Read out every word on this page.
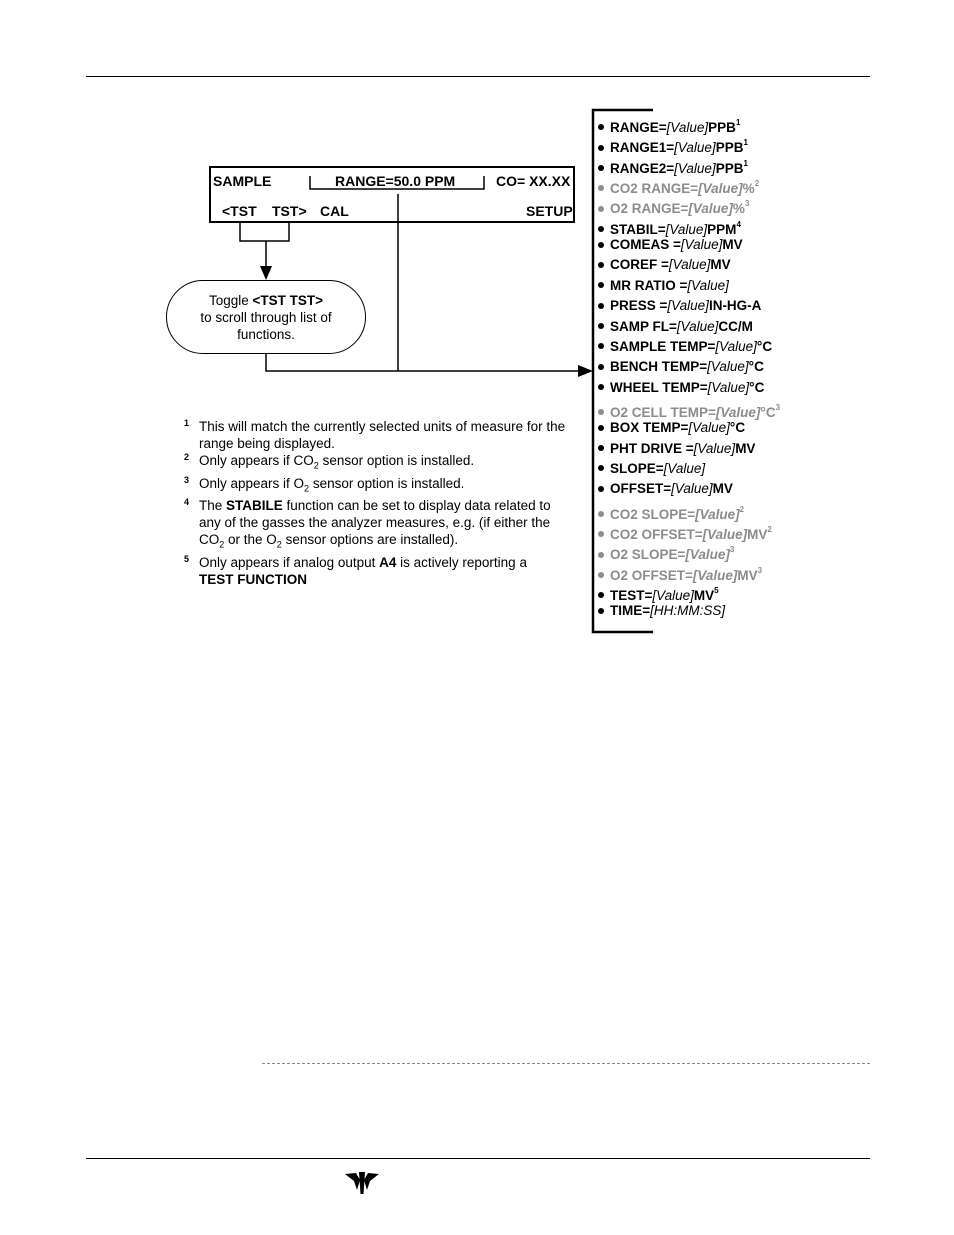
SAMPLE	RANGE=50.0 PPM	CO= XX.XX
<TST TST> CAL	SETUP
Toggle <TST TST>
to scroll through list of functions.
$RANGE=[Value]PPB^1$
$RANGE1=[Value]PPB^1$
$RANGE2=[Value]PPB^1$
CO2 RANGE=[Value]%$^2$
O2 RANGE=[Value]%$^3$
$STABIL=[Value]PPM^4$
COMEAS =[Value]MV
COREF =[Value]MV
MR RATIO =[Value]
PRESS =[Value]IN-HG-A
SAMP FL=[Value]CC/M
SAMPLE TEMP=[Value]°C
BENCH TEMP=[Value]°C
WHEEL TEMP=[Value]°C
O2 CELL $TEMP=[Value]^\circ C^3$
BOX TEMP=[Value]°C
PHT DRIVE =[Value]MV
SLOPE=[Value]
OFFSET=[Value]MV
CO2 SLOPE=[Value]$^2$
CO2 $OFFSET=[Value]MV^2$
O2 SLOPE=[Value]$^3$
O2 $OFFSET=[Value]MV^3$
$TEST=[Value]MV^5$
TIME=[HH:MM:SS]

1 This will match the currently selected units of measure for the range being displayed.

2 Only appears if $CO_2$ sensor option is installed.

3 Only appears if $O_2$ sensor option is installed.

4 The STABILE function can be set to display data related to any of the gasses the analyzer measures, e.g. (if either the $CO_2$ or the $O_2$ sensor options are installed).

5 Only appears if analog output A4 is actively reporting a
TEST FUNCTION
